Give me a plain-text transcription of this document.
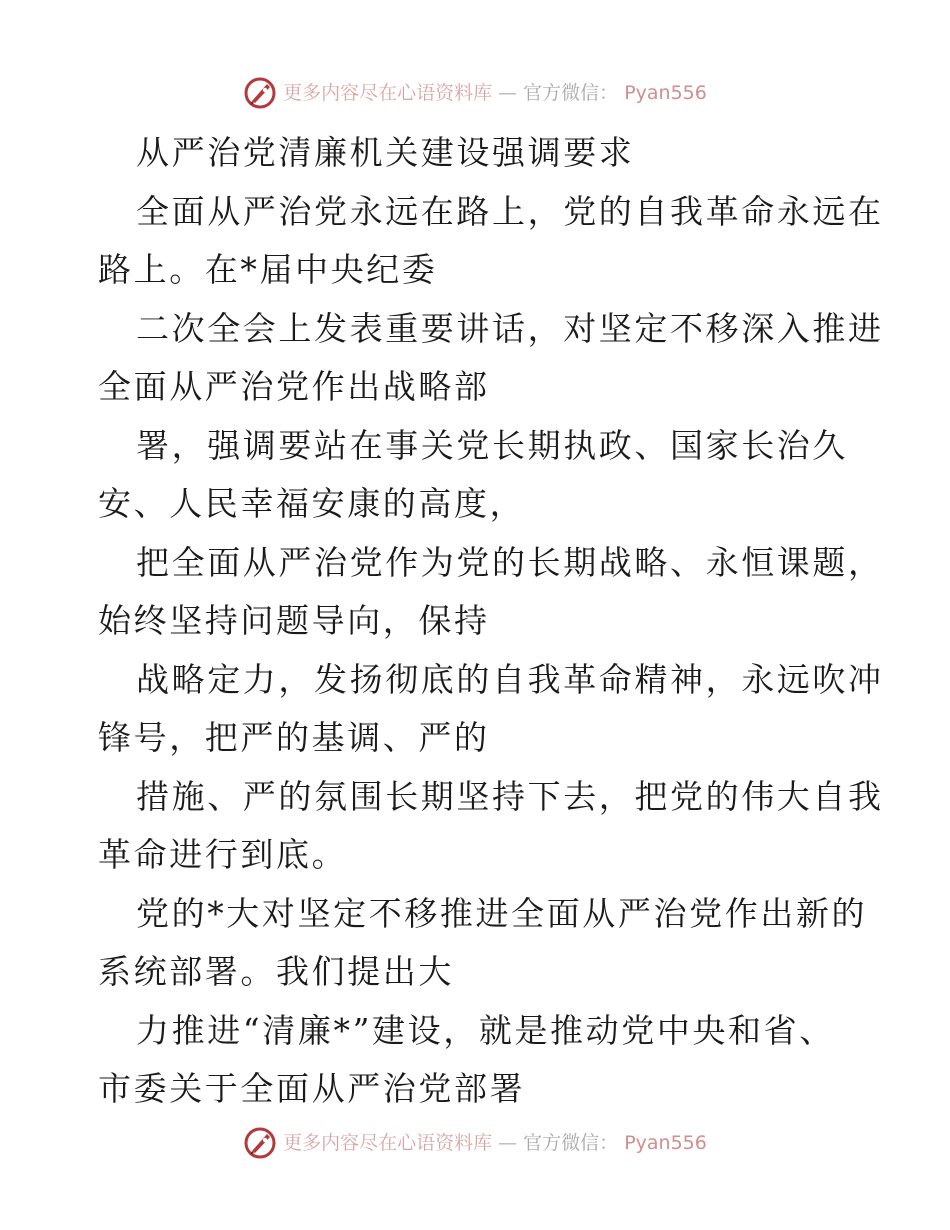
更多内容尽在心语资料库 — 官方微信： Pyan556
从严治党清廉机关建设强调要求
全面从严治党永远在路上，党的自我革命永远在
路上。在*届中央纪委
二次全会上发表重要讲话，对坚定不移深入推进
全面从严治党作出战略部
署，强调要站在事关党长期执政、国家长治久
安、人民幸福安康的高度，
把全面从严治党作为党的长期战略、永恒课题，
始终坚持问题导向，保持
战略定力，发扬彻底的自我革命精神，永远吹冲
锋号，把严的基调、严的
措施、严的氛围长期坚持下去，把党的伟大自我
革命进行到底。
党的*大对坚定不移推进全面从严治党作出新的
系统部署。我们提出大
力推进“清廉*”建设，就是推动党中央和省、
市委关于全面从严治党部署
更多内容尽在心语资料库 — 官方微信： Pyan556
